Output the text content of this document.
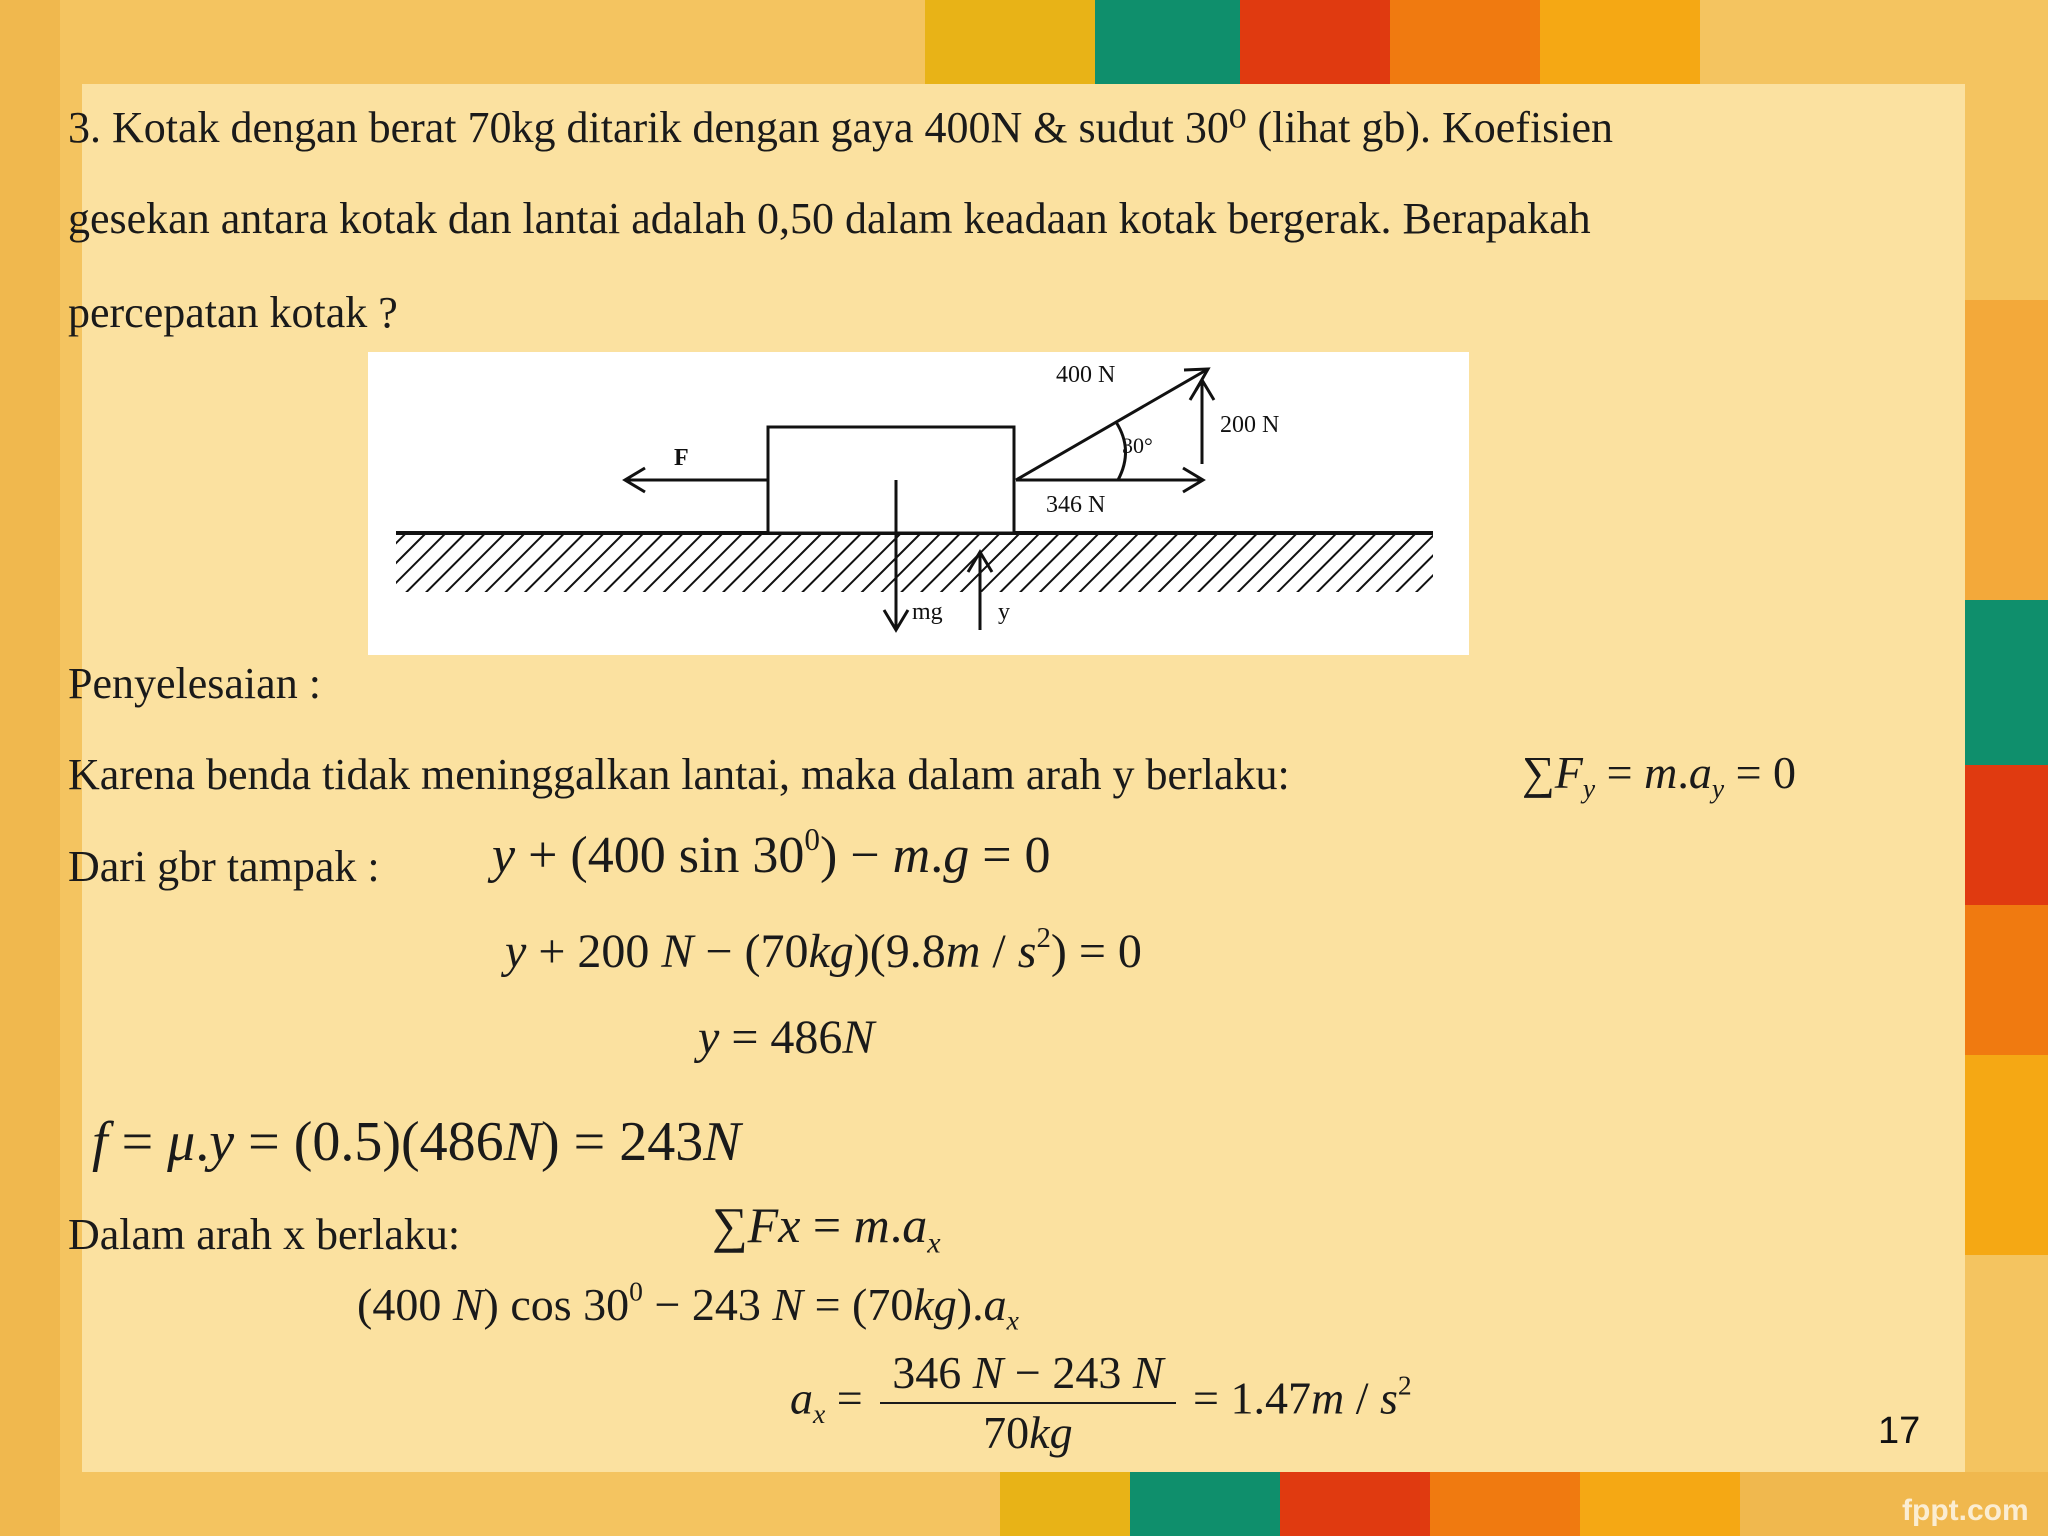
3. Kotak dengan berat 70kg ditarik dengan gaya 400N & sudut 30⁰ (lihat gb). Koefisien
gesekan antara kotak dan lantai adalah 0,50 dalam keadaan kotak bergerak. Berapakah
percepatan kotak ?
F
400 N
200 N
346 N
30°
mg y
Penyelesaian :
Karena benda tidak meninggalkan lantai, maka dalam arah y berlaku:	$\sum F_y = m.a_y = 0$
Dari gbr tampak : y + (400 $\sin 30^0) - m.g = 0$
y + 200 $N - (70kg)(9.8m / s^2) = 0$
y = 486N
f = μ.y = (0.5)(486N) = 243N
Dalam arah x berlaku:	$\sum Fx = m.a_x$
(400 N) $\cos 30^0 - 243$ $N = (70kg).a_x$
$a_x = \frac{346 N - 243 N}{70kg} = 1.47m / s^2$
17
fppt.com
